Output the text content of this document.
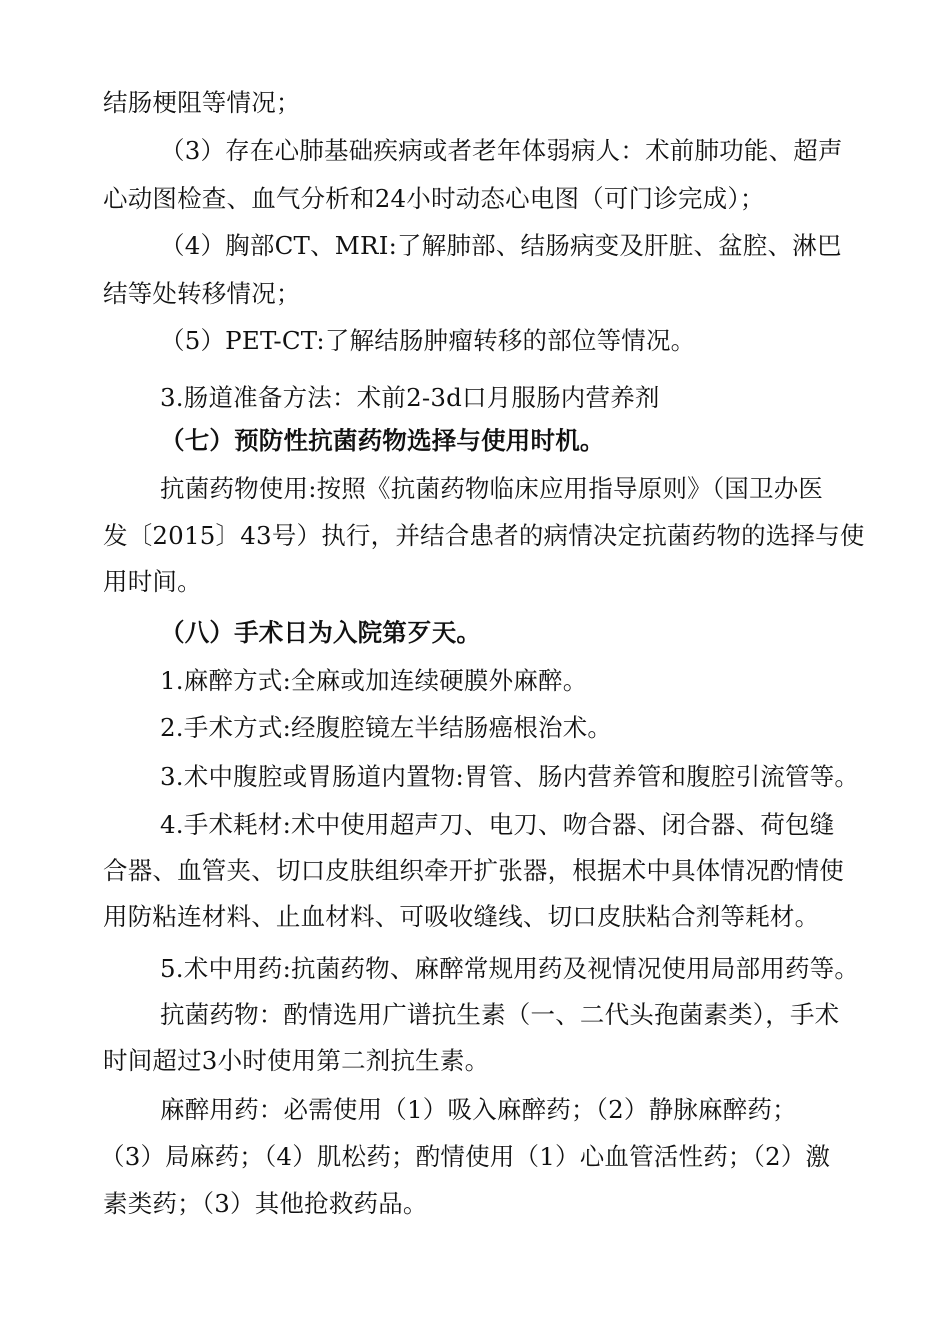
结肠梗阻等情况；
（3）存在心肺基础疾病或者老年体弱病人：术前肺功能、超声
心动图检查、血气分析和24小时动态心电图（可门诊完成）；
（4）胸部CT、MRI:了解肺部、结肠病变及肝脏、盆腔、淋巴
结等处转移情况；
（5）PET-CT:了解结肠肿瘤转移的部位等情况。
3.肠道准备方法：术前2-3d口月服肠内营养剂
（七）预防性抗菌药物选择与使用时机。
抗菌药物使用:按照《抗菌药物临床应用指导原则》（国卫办医
发〔2015〕43号）执行，并结合患者的病情决定抗菌药物的选择与使
用时间。
（八）手术日为入院第歹天。
1.麻醉方式:全麻或加连续硬膜外麻醉。
2.手术方式:经腹腔镜左半结肠癌根治术。
3.术中腹腔或胃肠道内置物:胃管、肠内营养管和腹腔引流管等。
4.手术耗材:术中使用超声刀、电刀、吻合器、闭合器、荷包缝
合器、血管夹、切口皮肤组织牵开扩张器，根据术中具体情况酌情使
用防粘连材料、止血材料、可吸收缝线、切口皮肤粘合剂等耗材。
5.术中用药:抗菌药物、麻醉常规用药及视情况使用局部用药等。
抗菌药物：酌情选用广谱抗生素（一、二代头孢菌素类），手术
时间超过3小时使用第二剂抗生素。
麻醉用药：必需使用（1）吸入麻醉药；（2）静脉麻醉药；
（3）局麻药；（4）肌松药；酌情使用（1）心血管活性药；（2）激
素类药；（3）其他抢救药品。
